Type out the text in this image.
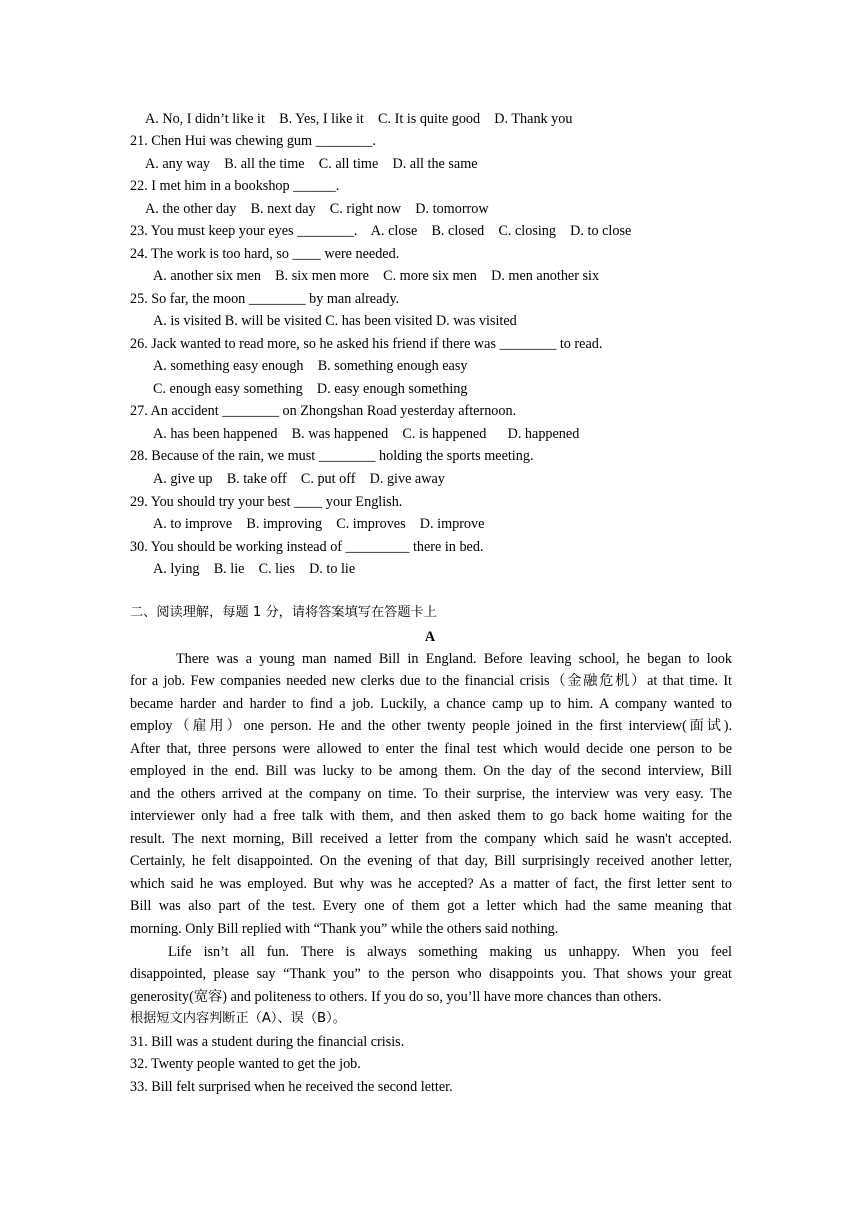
A. No, I didn’t like it    B. Yes, I like it    C. It is quite good    D. Thank you
21. Chen Hui was chewing gum ________.
A. any way    B. all the time    C. all time    D. all the same
22. I met him in a bookshop ______.
A. the other day    B. next day    C. right now    D. tomorrow
23. You must keep your eyes ________.    A. close    B. closed    C. closing    D. to close
24. The work is too hard, so ____ were needed.
A. another six men    B. six men more    C. more six men    D. men another six
25. So far, the moon ________ by man already.
A. is visited B. will be visited C. has been visited D. was visited
26. Jack wanted to read more, so he asked his friend if there was ________ to read.
A. something easy enough    B. something enough easy
C. enough easy something    D. easy enough something
27. An accident ________ on Zhongshan Road yesterday afternoon.
A. has been happened    B. was happened    C. is happened      D. happened
28. Because of the rain, we must ________ holding the sports meeting.
A. give up    B. take off    C. put off    D. give away
29. You should try your best ____ your English.
A. to improve    B. improving    C. improves    D. improve
30. You should be working instead of _________ there in bed.
A. lying    B. lie    C. lies    D. to lie
二、阅读理解，每题 1 分，请将答案填写在答题卡上
A
There was a young man named Bill in England. Before leaving school, he began to look
for a job. Few companies needed new clerks due to the financial crisis（金融危机）at that time. It
became harder and harder to find a job. Luckily, a chance camp up to him. A company wanted to
employ（雇用）one person. He and the other twenty people joined in the first interview(面试).
After that, three persons were allowed to enter the final test which would decide one person to be
employed in the end. Bill was lucky to be among them. On the day of the second interview, Bill
and the others arrived at the company on time. To their surprise, the interview was very easy. The
interviewer only had a free talk with them, and then asked them to go back home waiting for the
result. The next morning, Bill received a letter from the company which said he wasn't accepted.
Certainly, he felt disappointed. On the evening of that day, Bill surprisingly received another letter,
which said he was employed. But why was he accepted? As a matter of fact, the first letter sent to
Bill was also part of the test. Every one of them got a letter which had the same meaning that
morning. Only Bill replied with “Thank you” while the others said nothing.
Life isn’t all fun. There is always something making us unhappy. When you feel
disappointed, please say “Thank you” to the person who disappoints you. That shows your great
generosity(宽容) and politeness to others. If you do so, you’ll have more chances than others.
根据短文内容判断正（A）、误（B）。
31. Bill was a student during the financial crisis.
32. Twenty people wanted to get the job.
33. Bill felt surprised when he received the second letter.
